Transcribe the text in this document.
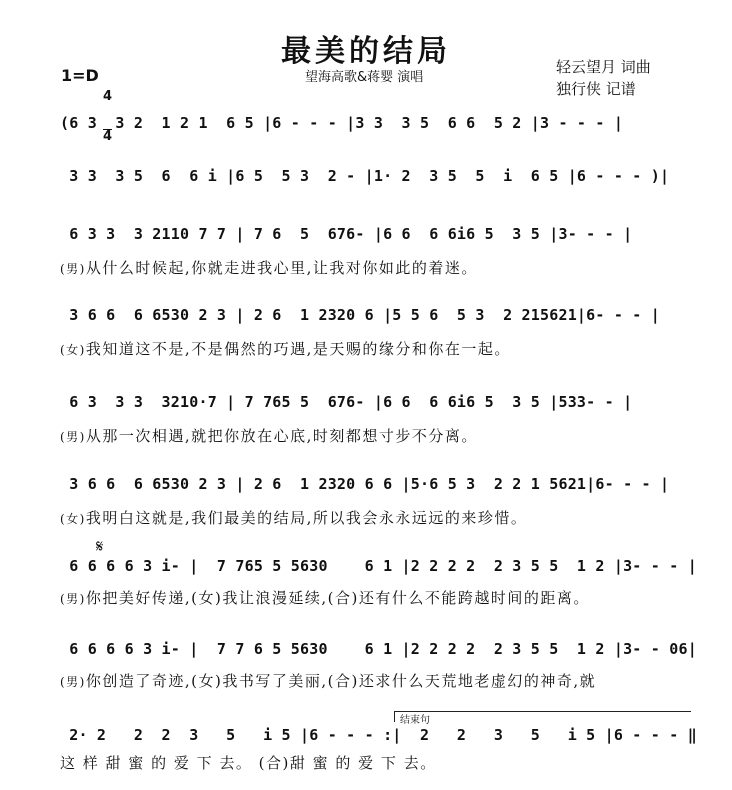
最美的结局
1=D

4

4

望海高歌&蒋婴 演唱
轻云望月 词曲
独行侠 记谱
(6 3  3 2  1 2 1  6 5 |6 - - - |3 3  3 5  6 6  5 2 |3 - - - |
3 3  3 5  6  6 i |6 5  5 3  2 - |1· 2  3 5  5  i  6 5 |6 - - - )|
6 3 3  3 2110 7 7 | 7 6  5  676- |6 6  6 6i6 5  3 5 |3- - - |
(男)从什么时候起,你就走进我心里,让我对你如此的着迷。
3 6 6  6 6530 2 3 | 2 6  1 2320 6 |5 5 6  5 3  2 215621|6- - - |
(女)我知道这不是,不是偶然的巧遇,是天赐的缘分和你在一起。
6 3  3 3  3210·7 | 7 765 5  676- |6 6  6 6i6 5  3 5 |533- - |
(男)从那一次相遇,就把你放在心底,时刻都想寸步不分离。
3 6 6  6 6530 2 3 | 2 6  1 2320 6 6 |5·6 5 3  2 2 1 5621|6- - - |
(女)我明白这就是,我们最美的结局,所以我会永永远远的来珍惜。
𝄋
6 6 6 6 3 i- |  7 765 5 5630    6 1 |2 2 2 2  2 3 5 5  1 2 |3- - - |
(男)你把美好传递,(女)我让浪漫延续,(合)还有什么不能跨越时间的距离。
6 6 6 6 3 i- |  7 7 6 5 5630    6 1 |2 2 2 2  2 3 5 5  1 2 |3- - 06|
(男)你创造了奇迹,(女)我书写了美丽,(合)还求什么天荒地老虚幻的神奇,就
结束句
2· 2   2  2  3   5   i 5 |6 - - - :|  2   2   3   5   i 5 |6 - - - ‖
这 样 甜 蜜 的 爱 下 去。 (合)甜 蜜 的 爱 下 去。
